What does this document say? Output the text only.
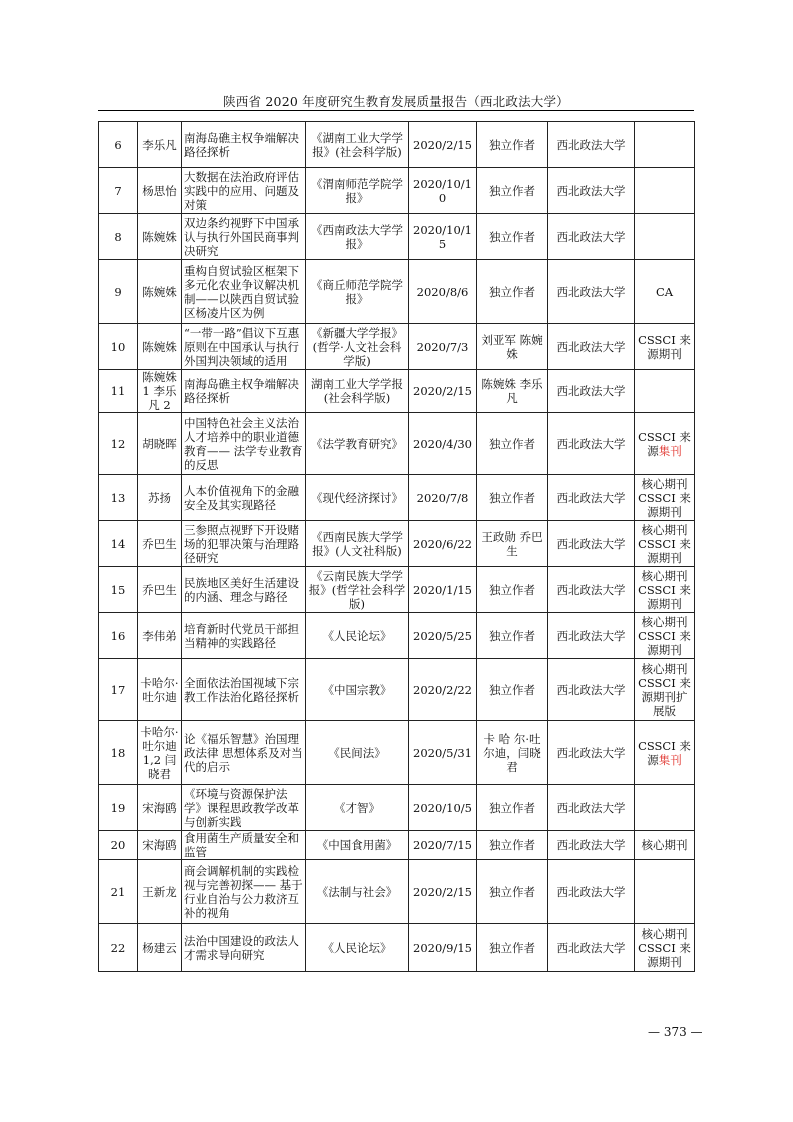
陕西省 2020 年度研究生教育发展质量报告（西北政法大学）
6	李乐凡	南海岛礁主权争端解决路径探析	《湖南工业大学学报》(社会科学版)	2020/2/15	独立作者	西北政法大学	
7	杨思怡	大数据在法治政府评估实践中的应用、问题及对策	《渭南师范学院学报》	2020/10/10	独立作者	西北政法大学	
8	陈婉姝	双边条约视野下中国承认与执行外国民商事判决研究	《西南政法大学学报》	2020/10/15	独立作者	西北政法大学	
9	陈婉姝	重构自贸试验区框架下多元化农业争议解决机制——以陕西自贸试验区杨凌片区为例	《商丘师范学院学报》	2020/8/6	独立作者	西北政法大学	CA
10	陈婉姝	“一带一路”倡议下互惠原则在中国承认与执行外国判决领域的适用	《新疆大学学报》(哲学·人文社会科学版)	2020/7/3	刘亚军 陈婉姝	西北政法大学	CSSCI 来源期刊
11	陈婉姝 1 李乐凡 2	南海岛礁主权争端解决路径探析	湖南工业大学学报(社会科学版)	2020/2/15	陈婉姝 李乐凡	西北政法大学	
12	胡晓晖	中国特色社会主义法治人才培养中的职业道德教育—— 法学专业教育的反思	《法学教育研究》	2020/4/30	独立作者	西北政法大学	CSSCI 来源集刊
13	苏扬	人本价值视角下的金融安全及其实现路径	《现代经济探讨》	2020/7/8	独立作者	西北政法大学	核心期刊 CSSCI 来源期刊
14	乔巴生	三参照点视野下开设赌场的犯罪决策与治理路径研究	《西南民族大学学报》(人文社科版)	2020/6/22	王政勋 乔巴生	西北政法大学	核心期刊 CSSCI 来源期刊
15	乔巴生	民族地区美好生活建设的内涵、理念与路径	《云南民族大学学报》(哲学社会科学版)	2020/1/15	独立作者	西北政法大学	核心期刊 CSSCI 来源期刊
16	李伟弟	培育新时代党员干部担当精神的实践路径	《人民论坛》	2020/5/25	独立作者	西北政法大学	核心期刊 CSSCI 来源期刊
17	卡哈尔·吐尔迪	全面依法治国视域下宗教工作法治化路径探析	《中国宗教》	2020/2/22	独立作者	西北政法大学	核心期刊 CSSCI 来源期刊扩展版
18	卡哈尔·吐尔迪 1,2 闫晓君	论《福乐智慧》治国理政法律 思想体系及对当代的启示	《民间法》	2020/5/31	卡 哈 尔·吐尔迪，闫晓君	西北政法大学	CSSCI 来源集刊
19	宋海鸥	《环境与资源保护法学》课程思政教学改革与创新实践	《才智》	2020/10/5	独立作者	西北政法大学	
20	宋海鸥	食用菌生产质量安全和监管	《中国食用菌》	2020/7/15	独立作者	西北政法大学	核心期刊
21	王新龙	商会调解机制的实践检视与完善初探—— 基于行业自治与公力救济互补的视角	《法制与社会》	2020/2/15	独立作者	西北政法大学	
22	杨建云	法治中国建设的政法人才需求导向研究	《人民论坛》	2020/9/15	独立作者	西北政法大学	核心期刊 CSSCI 来源期刊
— 373 —
